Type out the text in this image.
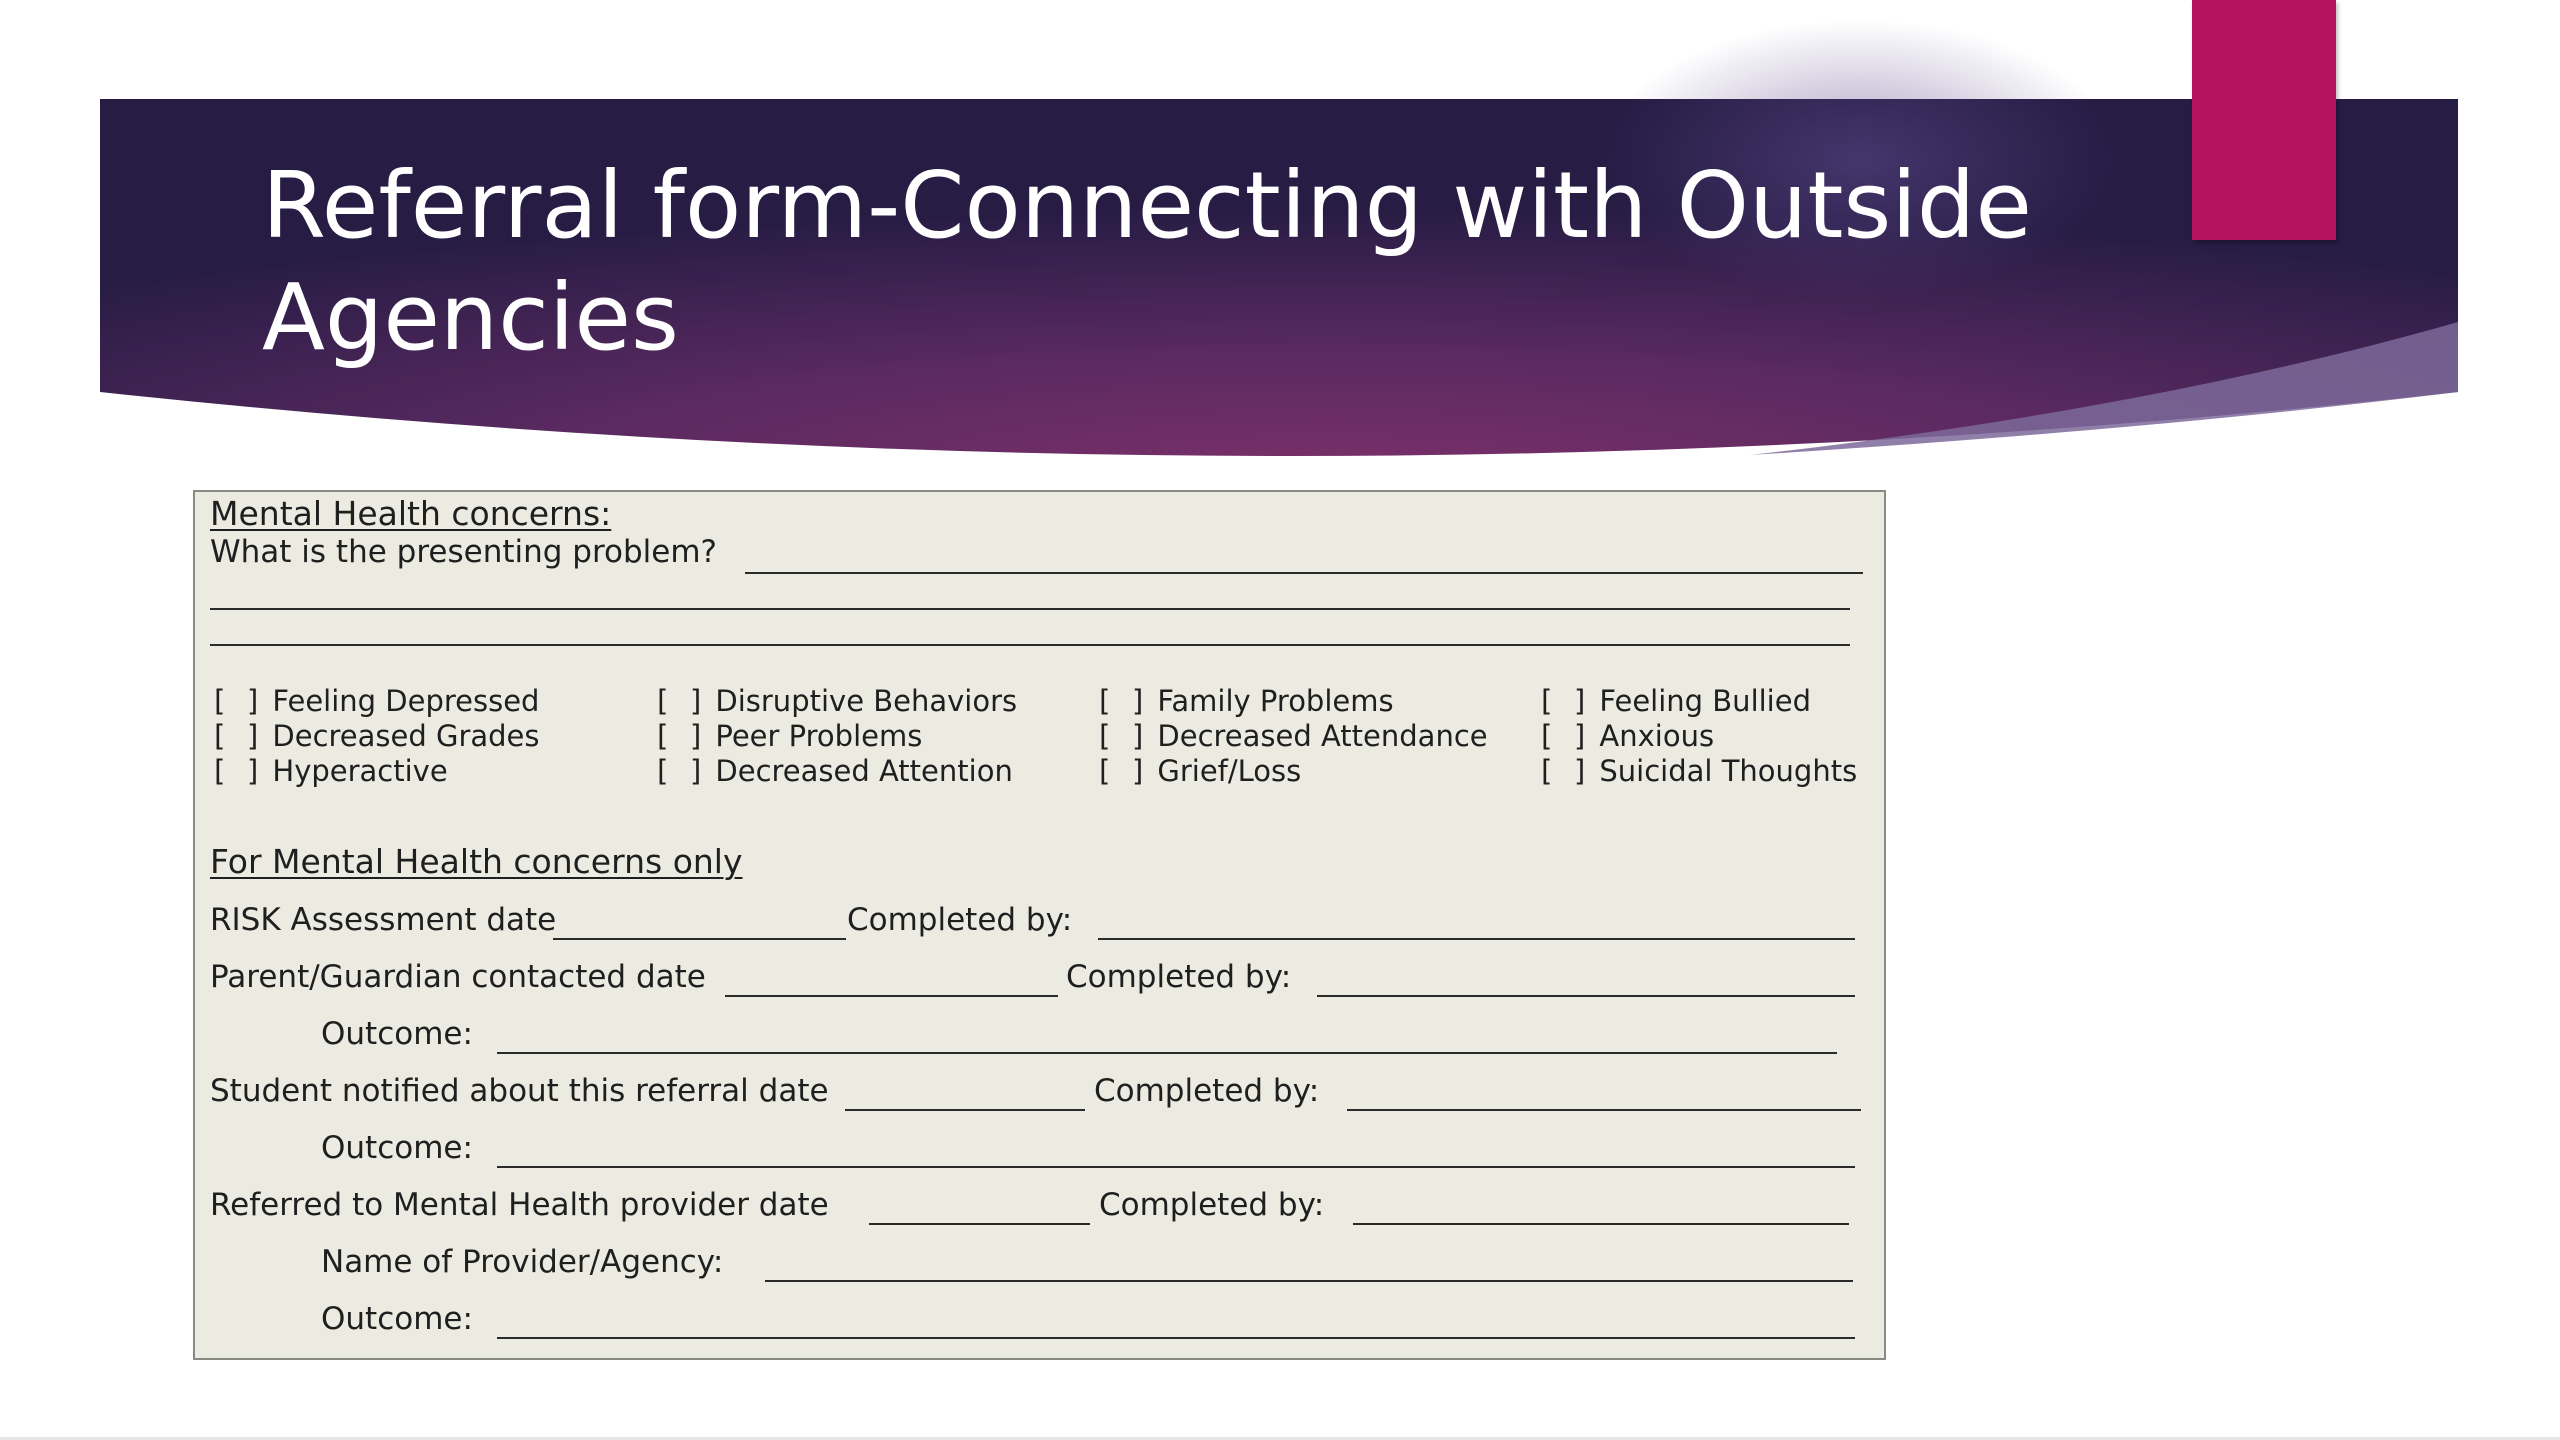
Referral form-Connecting with Outside Agencies
Mental Health concerns:
What is the presenting problem?
[ ] Feeling Depressed
[ ] Decreased Grades
[ ] Hyperactive
[ ] Disruptive Behaviors
[ ] Peer Problems
[ ] Decreased Attention
[ ] Family Problems
[ ] Decreased Attendance
[ ] Grief/Loss
[ ] Feeling Bullied
[ ] Anxious
[ ] Suicidal Thoughts
For Mental Health concerns only
RISK Assessment date	Completed by:
Parent/Guardian contacted date	Completed by:
Outcome:
Student notified about this referral date	Completed by:
Outcome:
Referred to Mental Health provider date	Completed by:
Name of Provider/Agency:
Outcome:
